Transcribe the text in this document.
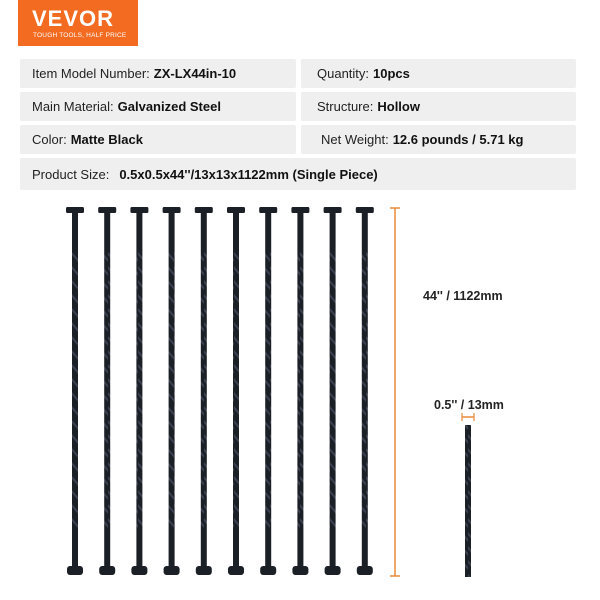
VEVOR
TOUGH TOOLS, HALF PRICE
Item Model Number: ZX-LX44in-10	Quantity: 10pcs
Main Material: Galvanized Steel	Structure: Hollow
Color: Matte Black	Net Weight: 12.6 pounds / 5.71 kg
Product Size: 0.5x0.5x44''/13x13x1122mm (Single Piece)
44'' / 1122mm
0.5'' / 13mm
